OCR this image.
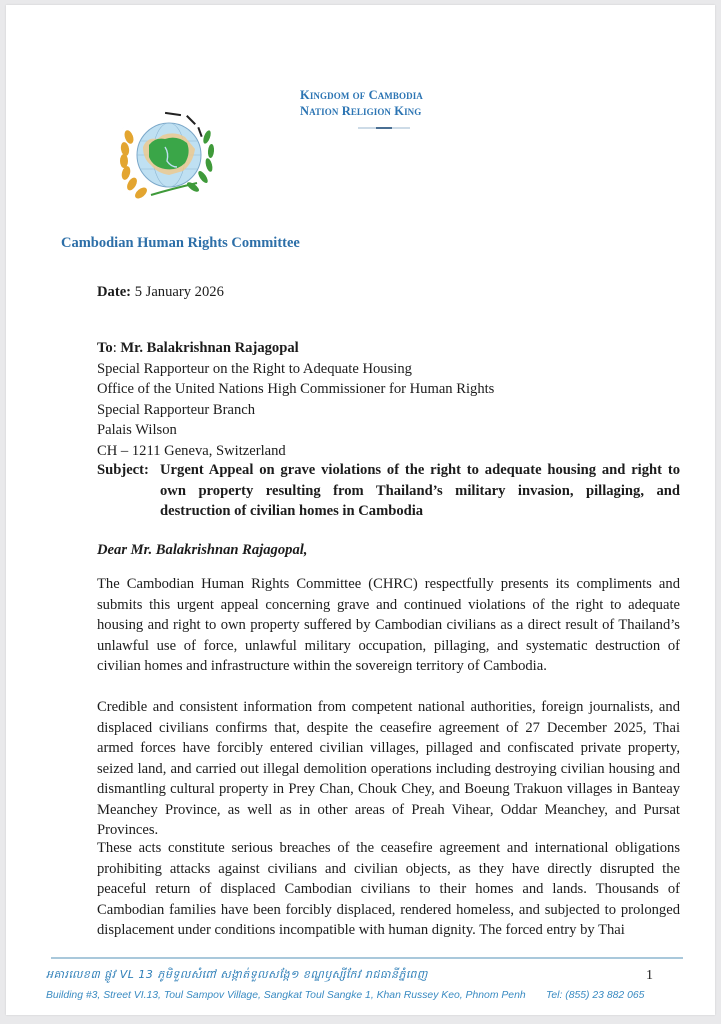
Kingdom of Cambodia
Nation Religion King
Cambodian Human Rights Committee
Date: 5 January 2026
To: Mr. Balakrishnan Rajagopal
Special Rapporteur on the Right to Adequate Housing
Office of the United Nations High Commissioner for Human Rights
Special Rapporteur Branch
Palais Wilson
CH – 1211 Geneva, Switzerland
Subject: Urgent Appeal on grave violations of the right to adequate housing and right to own property resulting from Thailand’s military invasion, pillaging, and destruction of civilian homes in Cambodia
Dear Mr. Balakrishnan Rajagopal,
The Cambodian Human Rights Committee (CHRC) respectfully presents its compliments and submits this urgent appeal concerning grave and continued violations of the right to adequate housing and right to own property suffered by Cambodian civilians as a direct result of Thailand’s unlawful use of force, unlawful military occupation, pillaging, and systematic destruction of civilian homes and infrastructure within the sovereign territory of Cambodia.
Credible and consistent information from competent national authorities, foreign journalists, and displaced civilians confirms that, despite the ceasefire agreement of 27 December 2025, Thai armed forces have forcibly entered civilian villages, pillaged and confiscated private property, seized land, and carried out illegal demolition operations including destroying civilian housing and dismantling cultural property in Prey Chan, Chouk Chey, and Boeung Trakuon villages in Banteay Meanchey Province, as well as in other areas of Preah Vihear, Oddar Meanchey, and Pursat Provinces.
These acts constitute serious breaches of the ceasefire agreement and international obligations prohibiting attacks against civilians and civilian objects, as they have directly disrupted the peaceful return of displaced Cambodian civilians to their homes and lands. Thousands of Cambodian families have been forcibly displaced, rendered homeless, and subjected to prolonged displacement under conditions incompatible with human dignity. The forced entry by Thai
អគារលេខ៣ ផ្លូវ VL 13 ភូមិទួលសំពៅ សង្កាត់ទួលសង្កែ១ ខណ្ឌឫស្សីកែវ រាជធានីភ្នំពេញ	1
Building #3, Street VI.13, Toul Sampov Village, Sangkat Toul Sangke 1, Khan Russey Keo, Phnom Penh Tel: (855) 23 882 065
